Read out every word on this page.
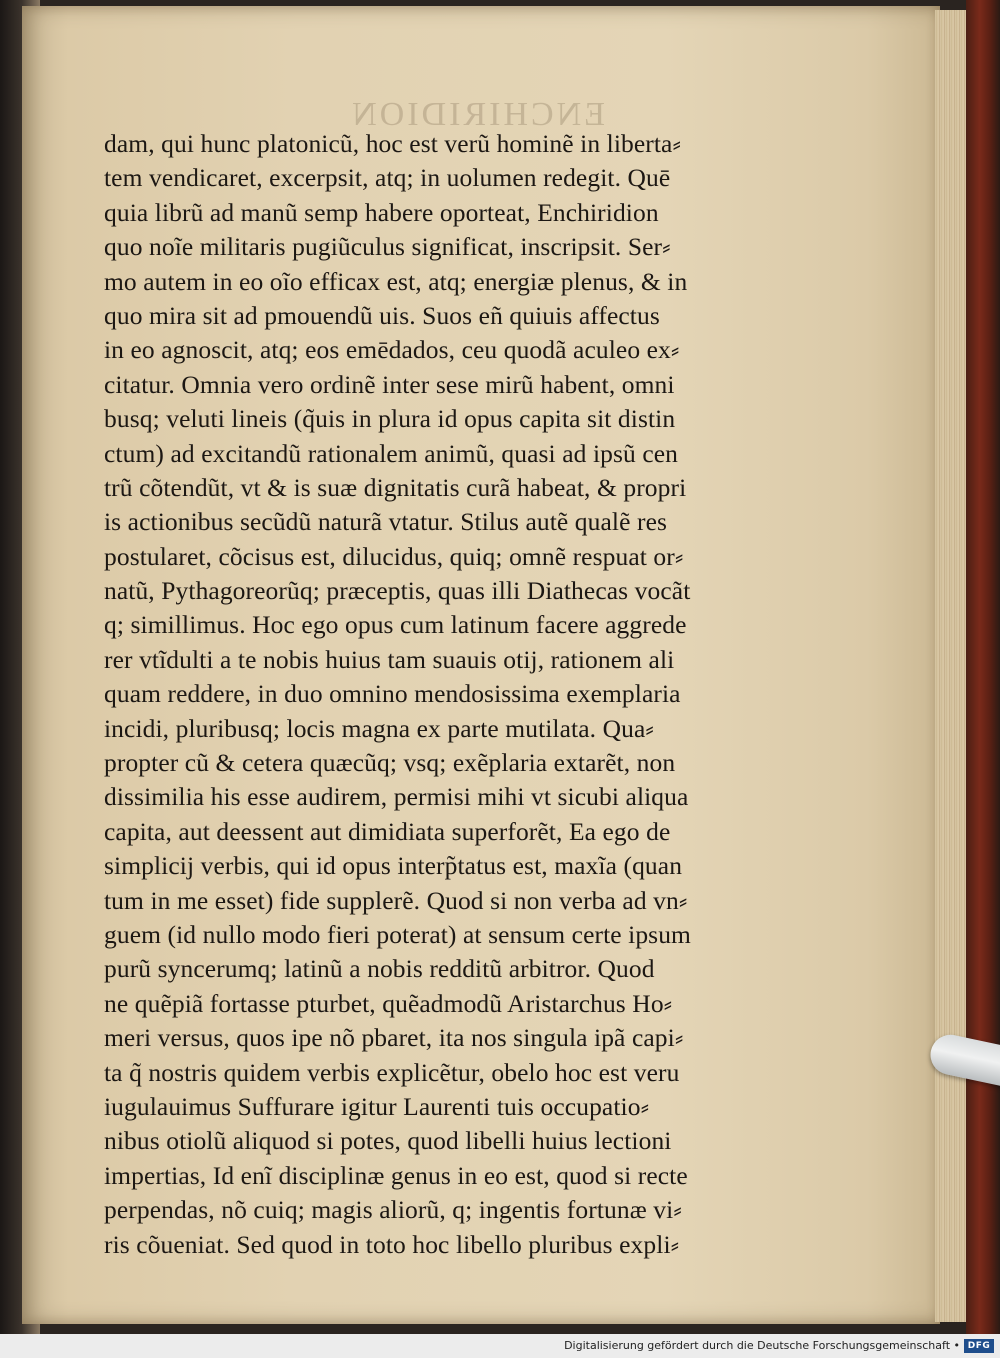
ENCHIRIDION
dam, qui hunc platonicũ, hoc est verũ hominẽ in liberta⸗
tem vendicaret, excerpsit, atq; in uolumen redegit. Quē
quia librũ ad manũ semp habere oporteat, Enchiridion
quo noĩe militaris pugiũculus significat, inscripsit. Ser⸗
mo autem in eo oĩo efficax est, atq; energiæ plenus, & in
quo mira sit ad pmouendũ uis. Suos eñ quiuis affectus
in eo agnoscit, atq; eos emēdados, ceu quodã aculeo ex⸗
citatur. Omnia vero ordinẽ inter sese mirũ habent, omni
busq; veluti lineis (q̃uis in plura id opus capita sit distin
ctum) ad excitandũ rationalem animũ, quasi ad ipsũ cen
trũ cõtendũt, vt & is suæ dignitatis curã habeat, & propri
is actionibus secũdũ naturã vtatur. Stilus autẽ qualẽ res
postularet, cõcisus est, dilucidus, quiq; omnẽ respuat or⸗
natũ, Pythagoreorũq; præceptis, quas illi Diathecas vocãt
q; simillimus. Hoc ego opus cum latinum facere aggrede
rer vtĩdulti a te nobis huius tam suauis otij, rationem ali
quam reddere, in duo omnino mendosissima exemplaria
incidi, pluribusq; locis magna ex parte mutilata. Qua⸗
propter cũ & cetera quæcũq; vsq; exẽplaria extarẽt, non
dissimilia his esse audirem, permisi mihi vt sicubi aliqua
capita, aut deessent aut dimidiata superforẽt, Ea ego de
simplicij verbis, qui id opus interp̃tatus est, maxĩa (quan
tum in me esset) fide supplerẽ. Quod si non verba ad vn⸗
guem (id nullo modo fieri poterat) at sensum certe ipsum
purũ syncerumq; latinũ a nobis redditũ arbitror. Quod
ne quẽpiã fortasse pturbet, quẽadmodũ Aristarchus Ho⸗
meri versus, quos ipe nõ pbaret, ita nos singula ipã capi⸗
ta q̃ nostris quidem verbis explicẽtur, obelo hoc est veru
iugulauimus Suffurare igitur Laurenti tuis occupatio⸗
nibus otiolũ aliquod si potes, quod libelli huius lectioni
impertias, Id enĩ disciplinæ genus in eo est, quod si recte
perpendas, nõ cuiq; magis aliorũ, q; ingentis fortunæ vi⸗
ris cõueniat. Sed quod in toto hoc libello pluribus expli⸗
Digitalisierung gefördert durch die Deutsche Forschungsgemeinschaft • DFG
